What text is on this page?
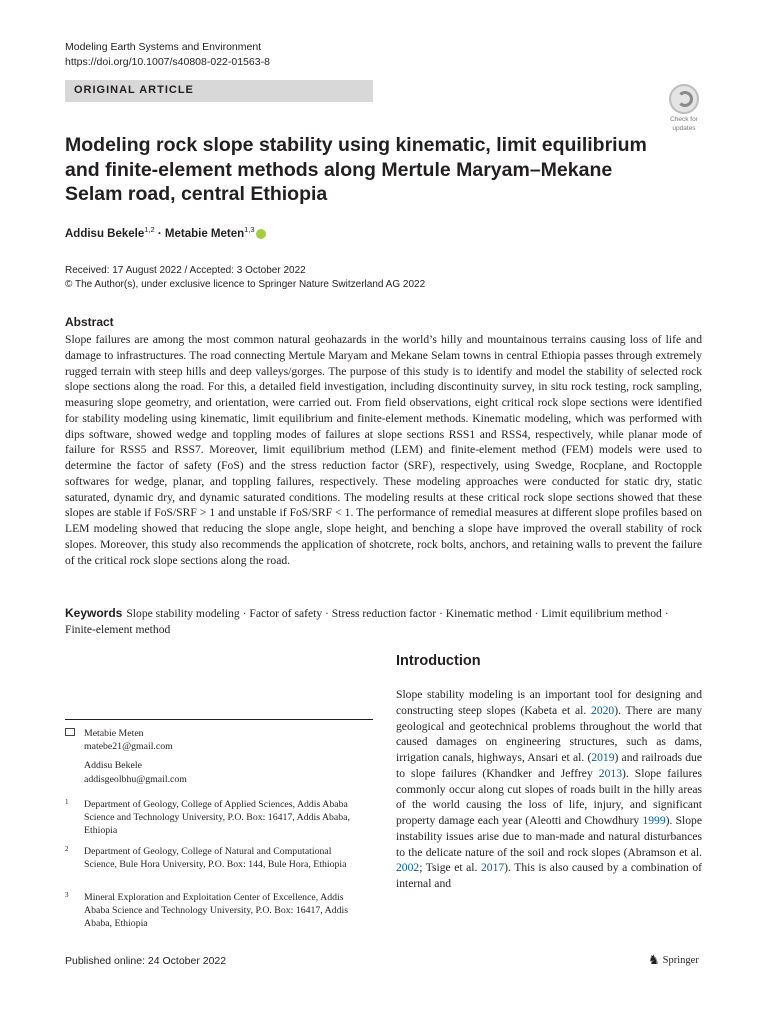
Modeling Earth Systems and Environment
https://doi.org/10.1007/s40808-022-01563-8
ORIGINAL ARTICLE
Check for
updates
Modeling rock slope stability using kinematic, limit equilibrium and finite-element methods along Mertule Maryam–Mekane Selam road, central Ethiopia
Addisu Bekele$^{1,2}$ · Metabie Meten$^{1,3}$
Received: 17 August 2022 / Accepted: 3 October 2022
© The Author(s), under exclusive licence to Springer Nature Switzerland AG 2022
Abstract
Slope failures are among the most common natural geohazards in the world’s hilly and mountainous terrains causing loss of life and damage to infrastructures. The road connecting Mertule Maryam and Mekane Selam towns in central Ethiopia passes through extremely rugged terrain with steep hills and deep valleys/gorges. The purpose of this study is to identify and model the stability of selected rock slope sections along the road. For this, a detailed field investigation, including discontinuity survey, in situ rock testing, rock sampling, measuring slope geometry, and orientation, were carried out. From field observations, eight critical rock slope sections were identified for stability modeling using kinematic, limit equilibrium and finite-element methods. Kinematic modeling, which was performed with dips software, showed wedge and toppling modes of failures at slope sections RSS1 and RSS4, respectively, while planar mode of failure for RSS5 and RSS7. Moreover, limit equilibrium method (LEM) and finite-element method (FEM) models were used to determine the factor of safety (FoS) and the stress reduction factor (SRF), respectively, using Swedge, Rocplane, and Roctopple softwares for wedge, planar, and toppling failures, respectively. These modeling approaches were conducted for static dry, static saturated, dynamic dry, and dynamic saturated conditions. The modeling results at these critical rock slope sections showed that these slopes are stable if FoS/SRF > 1 and unstable if FoS/SRF < 1. The performance of remedial measures at different slope profiles based on LEM modeling showed that reducing the slope angle, slope height, and benching a slope have improved the overall stability of rock slopes. Moreover, this study also recommends the application of shotcrete, rock bolts, anchors, and retaining walls to prevent the failure of the critical rock slope sections along the road.
Keywords Slope stability modeling · Factor of safety · Stress reduction factor · Kinematic method · Limit equilibrium method · Finite-element method
Introduction
Slope stability modeling is an important tool for designing and constructing steep slopes (Kabeta et al. 2020). There are many geological and geotechnical problems throughout the world that caused damages on engineering structures, such as dams, irrigation canals, highways, Ansari et al. (2019) and railroads due to slope failures (Khandker and Jeffrey 2013). Slope failures commonly occur along cut slopes of roads built in the hilly areas of the world causing the loss of life, injury, and significant property damage each year (Aleotti and Chowdhury 1999). Slope instability issues arise due to man-made and natural disturbances to the delicate nature of the soil and rock slopes (Abramson et al. 2002; Tsige et al. 2017). This is also caused by a combination of internal and
Metabie Meten
matebe21@gmail.com
Addisu Bekele
addisgeolbhu@gmail.com
1 Department of Geology, College of Applied Sciences, Addis Ababa Science and Technology University, P.O. Box: 16417, Addis Ababa, Ethiopia
2 Department of Geology, College of Natural and Computational Science, Bule Hora University, P.O. Box: 144, Bule Hora, Ethiopia
3 Mineral Exploration and Exploitation Center of Excellence, Addis Ababa Science and Technology University, P.O. Box: 16417, Addis Ababa, Ethiopia
Published online: 24 October 2022	♞ Springer
